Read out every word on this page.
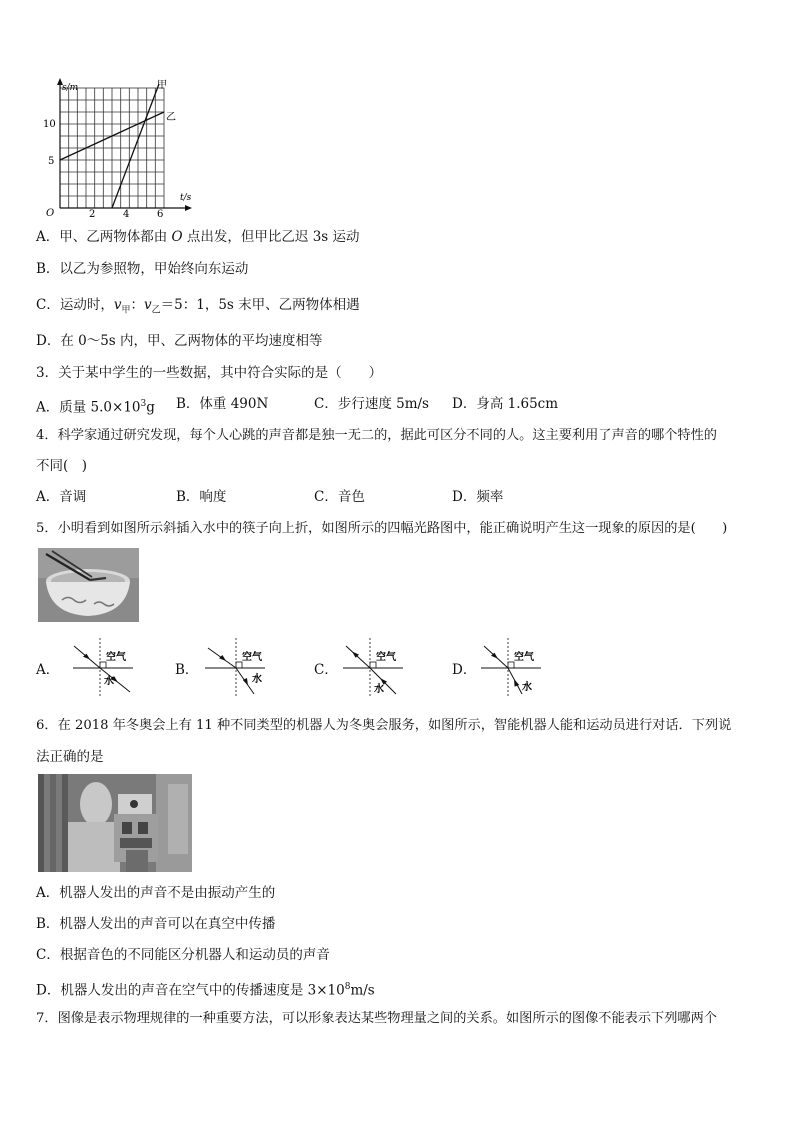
s/m
t/s
O
10
5
2	4	6
甲
乙
A．甲、乙两物体都由 O 点出发，但甲比乙迟 3s 运动
B．以乙为参照物，甲始终向东运动
C．运动时，$v_甲$：$v_乙=5$：1，5s 末甲、乙两物体相遇
D．在 0～5s 内，甲、乙两物体的平均速度相等
3．关于某中学生的一些数据，其中符合实际的是（　　）
A．质量 $5.0\times 10^3g$ B．体重 490N	C．步行速度 5m/s D．身高 1.65cm
4．科学家通过研究发现，每个人心跳的声音都是独一无二的，据此可区分不同的人。这主要利用了声音的哪个特性的
不同(　)
A．音调	B．响度	C．音色	D．频率
5．小明看到如图所示斜插入水中的筷子向上折，如图所示的四幅光路图中，能正确说明产生这一现象的原因的是(　　)
A．	B．	C．	D．
空气
水
空气
水
空气
水
空气
水
6．在 2018 年冬奥会上有 11 种不同类型的机器人为冬奥会服务，如图所示，智能机器人能和运动员进行对话．下列说
法正确的是
A．机器人发出的声音不是由振动产生的
B．机器人发出的声音可以在真空中传播
C．根据音色的不同能区分机器人和运动员的声音
D．机器人发出的声音在空气中的传播速度是 $3\times 10^8m/s$
7．图像是表示物理规律的一种重要方法，可以形象表达某些物理量之间的关系。如图所示的图像不能表示下列哪两个
